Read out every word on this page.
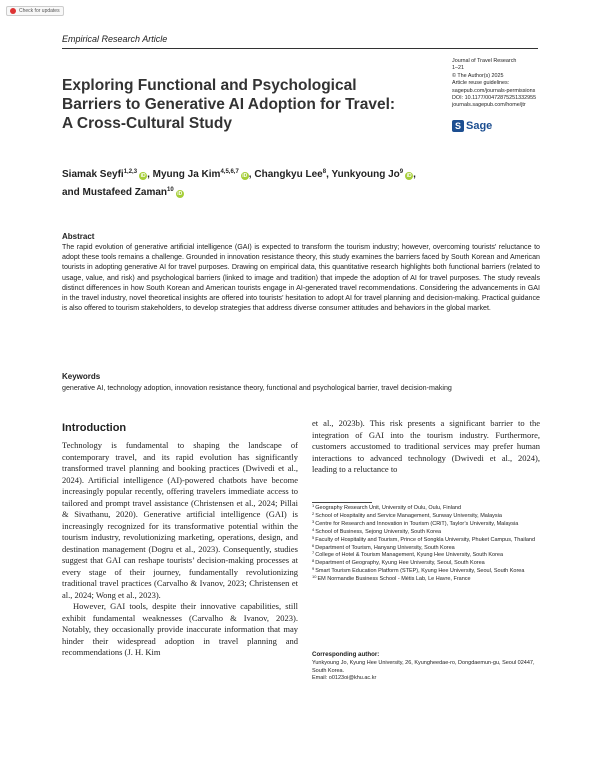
Check for updates
Empirical Research Article
Exploring Functional and Psychological Barriers to Generative AI Adoption for Travel: A Cross-Cultural Study
Journal of Travel Research
1–21
© The Author(s) 2025
Article reuse guidelines:
sagepub.com/journals-permissions
DOI: 10.1177/00472875251332955
journals.sagepub.com/home/jtr
S Sage
Siamak Seyfi$^{1,2,3}$iD , Myung Ja Kim$^{4,5,6,7}$iD , Changkyu Lee$^8$, Yunkyoung Jo$^9$iD ,
and Mustafeed Zaman$^{10}$iD
Abstract
The rapid evolution of generative artificial intelligence (GAI) is expected to transform the tourism industry; however, overcoming tourists’ reluctance to adopt these tools remains a challenge. Grounded in innovation resistance theory, this study examines the barriers faced by South Korean and American tourists in adopting generative AI for travel purposes. Drawing on empirical data, this quantitative research highlights both functional barriers (related to usage, value, and risk) and psychological barriers (linked to image and tradition) that impede the adoption of AI for travel purposes. The study reveals distinct differences in how South Korean and American tourists engage in AI-generated travel recommendations. Considering the advancements in GAI in the travel industry, novel theoretical insights are offered into tourists’ hesitation to adopt AI for travel planning and decision-making. Practical guidance is also offered to tourism stakeholders, to develop strategies that address diverse consumer attitudes and behaviors in the global market.
Keywords
generative AI, technology adoption, innovation resistance theory, functional and psychological barrier, travel decision-making
Introduction

Technology is fundamental to shaping the landscape of contemporary travel, and its rapid evolution has significantly transformed travel planning and booking practices (Dwivedi et al., 2024). Artificial intelligence (AI)-powered chatbots have become increasingly popular recently, offering travelers immediate access to tailored and prompt travel assistance (Christensen et al., 2024; Pillai & Sivathanu, 2020). Generative artificial intelligence (GAI) is increasingly recognized for its transformative potential within the tourism industry, revolutionizing marketing, operations, design, and destination management (Dogru et al., 2023). Consequently, studies suggest that GAI can reshape tourists’ decision-making processes at every stage of their journey, fundamentally revolutionizing traditional travel practices (Carvalho & Ivanov, 2023; Christensen et al., 2024; Wong et al., 2023).

However, GAI tools, despite their innovative capabilities, still exhibit fundamental weaknesses (Carvalho & Ivanov, 2023). Notably, they occasionally provide inaccurate information that may hinder their widespread adoption in travel planning and recommendations (J. H. Kim

et al., 2023b). This risk presents a significant barrier to the integration of GAI into the tourism industry. Furthermore, customers accustomed to traditional services may prefer human interactions to advanced technology (Dwivedi et al., 2024), leading to a reluctance to

$^1$Geography Research Unit, University of Oulu, Oulu, Finland
$^2$School of Hospitality and Service Management, Sunway University, Malaysia
$^3$Centre for Research and Innovation in Tourism (CRiT), Taylor’s University, Malaysia
$^4$School of Business, Sejong University, South Korea
$^5$Faculty of Hospitality and Tourism, Prince of Songkla University, Phuket Campus, Thailand
$^6$Department of Tourism, Hanyang University, South Korea
$^7$College of Hotel & Tourism Management, Kyung Hee University, South Korea
$^8$Department of Geography, Kyung Hee University, Seoul, South Korea
$^9$Smart Tourism Education Platform (STEP), Kyung Hee University, Seoul, South Korea
$^{10}$EM Normandie Business School - Métis Lab, Le Havre, France
Corresponding author:
Yunkyoung Jo, Kyung Hee University, 26, Kyungheedae-ro, Dongdaemun-gu, Seoul 02447, South Korea.
Email: o0123oi@khu.ac.kr
